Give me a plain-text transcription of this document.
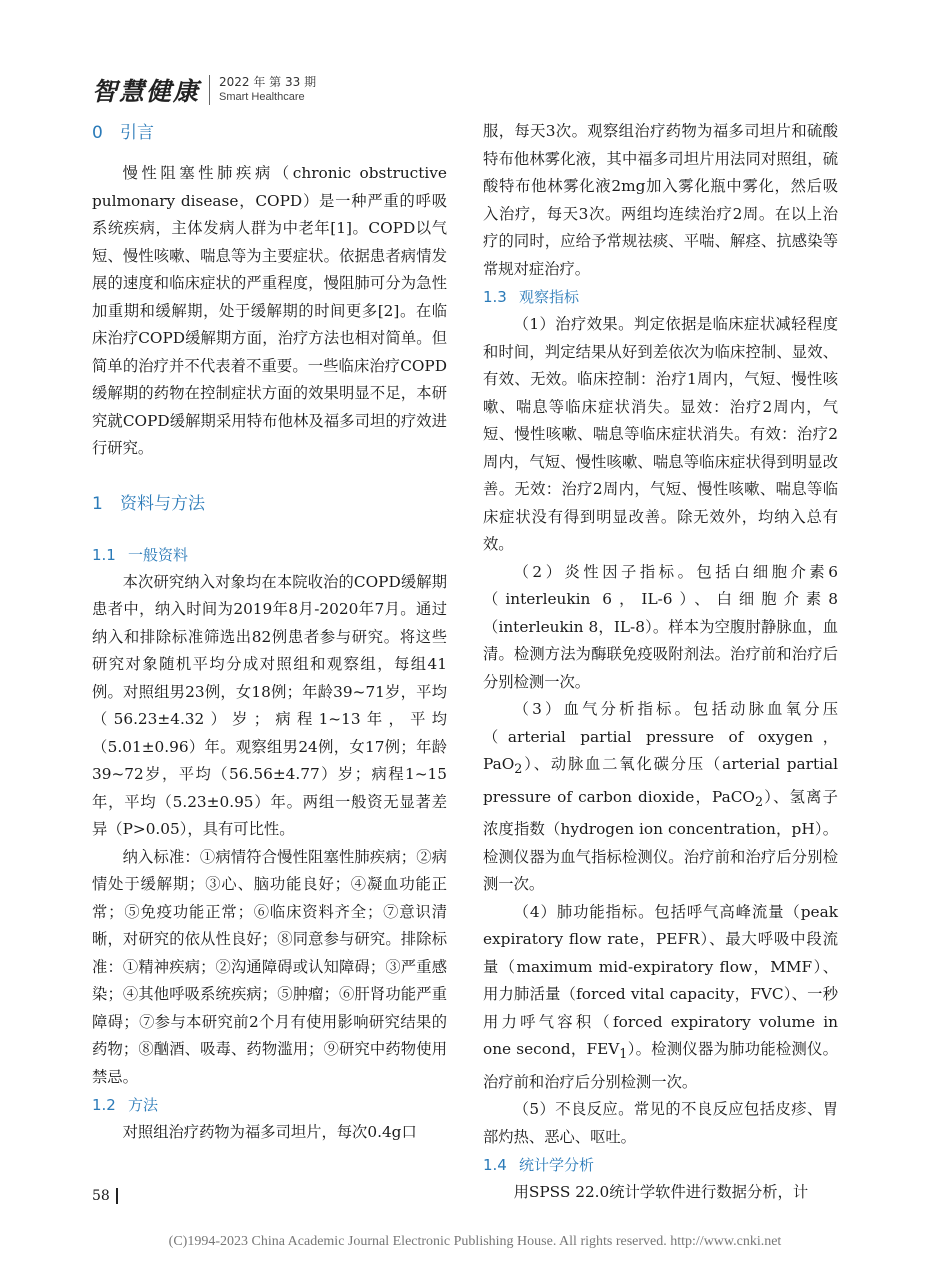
智慧健康 2022 年 第 33 期
Smart Healthcare
0 引言

慢性阻塞性肺疾病（chronic obstructive pulmonary disease，COPD）是一种严重的呼吸系统疾病，主体发病人群为中老年[1]。COPD以气短、慢性咳嗽、喘息等为主要症状。依据患者病情发展的速度和临床症状的严重程度，慢阻肺可分为急性加重期和缓解期，处于缓解期的时间更多[2]。在临床治疗COPD缓解期方面，治疗方法也相对简单。但简单的治疗并不代表着不重要。一些临床治疗COPD缓解期的药物在控制症状方面的效果明显不足，本研究就COPD缓解期采用特布他林及福多司坦的疗效进行研究。

1 资料与方法
1.1 一般资料

本次研究纳入对象均在本院收治的COPD缓解期患者中，纳入时间为2019年8月-2020年7月。通过纳入和排除标准筛选出82例患者参与研究。将这些研究对象随机平均分成对照组和观察组，每组41例。对照组男23例，女18例；年龄39~71岁，平均（56.23±4.32）岁；病程1~13年，平均（5.01±0.96）年。观察组男24例，女17例；年龄39~72岁，平均（56.56±4.77）岁；病程1~15年，平均（5.23±0.95）年。两组一般资无显著差异（P>0.05），具有可比性。

纳入标准：①病情符合慢性阻塞性肺疾病；②病情处于缓解期；③心、脑功能良好；④凝血功能正常；⑤免疫功能正常；⑥临床资料齐全；⑦意识清晰，对研究的依从性良好；⑧同意参与研究。排除标准：①精神疾病；②沟通障碍或认知障碍；③严重感染；④其他呼吸系统疾病；⑤肿瘤；⑥肝肾功能严重障碍；⑦参与本研究前2个月有使用影响研究结果的药物；⑧酗酒、吸毒、药物滥用；⑨研究中药物使用禁忌。

1.2 方法

对照组治疗药物为福多司坦片，每次0.4g口

服，每天3次。观察组治疗药物为福多司坦片和硫酸特布他林雾化液，其中福多司坦片用法同对照组，硫酸特布他林雾化液2mg加入雾化瓶中雾化，然后吸入治疗，每天3次。两组均连续治疗2周。在以上治疗的同时，应给予常规祛痰、平喘、解痉、抗感染等常规对症治疗。

1.3 观察指标

（1）治疗效果。判定依据是临床症状减轻程度和时间，判定结果从好到差依次为临床控制、显效、有效、无效。临床控制：治疗1周内，气短、慢性咳嗽、喘息等临床症状消失。显效：治疗2周内，气短、慢性咳嗽、喘息等临床症状消失。有效：治疗2周内，气短、慢性咳嗽、喘息等临床症状得到明显改善。无效：治疗2周内，气短、慢性咳嗽、喘息等临床症状没有得到明显改善。除无效外，均纳入总有效。

（2）炎性因子指标。包括白细胞介素6（interleukin 6，IL-6）、白细胞介素8（interleukin 8，IL-8）。样本为空腹肘静脉血，血清。检测方法为酶联免疫吸附剂法。治疗前和治疗后分别检测一次。

（3）血气分析指标。包括动脉血氧分压（arterial partial pressure of oxygen，PaO$_2$）、动脉血二氧化碳分压（arterial partial pressure of carbon dioxide，PaCO$_2$）、氢离子浓度指数（hydrogen ion concentration，pH）。检测仪器为血气指标检测仪。治疗前和治疗后分别检测一次。

（4）肺功能指标。包括呼气高峰流量（peak expiratory flow rate，PEFR）、最大呼吸中段流量（maximum mid-expiratory flow，MMF）、用力肺活量（forced vital capacity，FVC）、一秒用力呼气容积（forced expiratory volume in one second，$FEV_1$）。检测仪器为肺功能检测仪。治疗前和治疗后分别检测一次。

（5）不良反应。常见的不良反应包括皮疹、胃部灼热、恶心、呕吐。

1.4 统计学分析

用SPSS 22.0统计学软件进行数据分析，计

58
(C)1994-2023 China Academic Journal Electronic Publishing House. All rights reserved. http://www.cnki.net
